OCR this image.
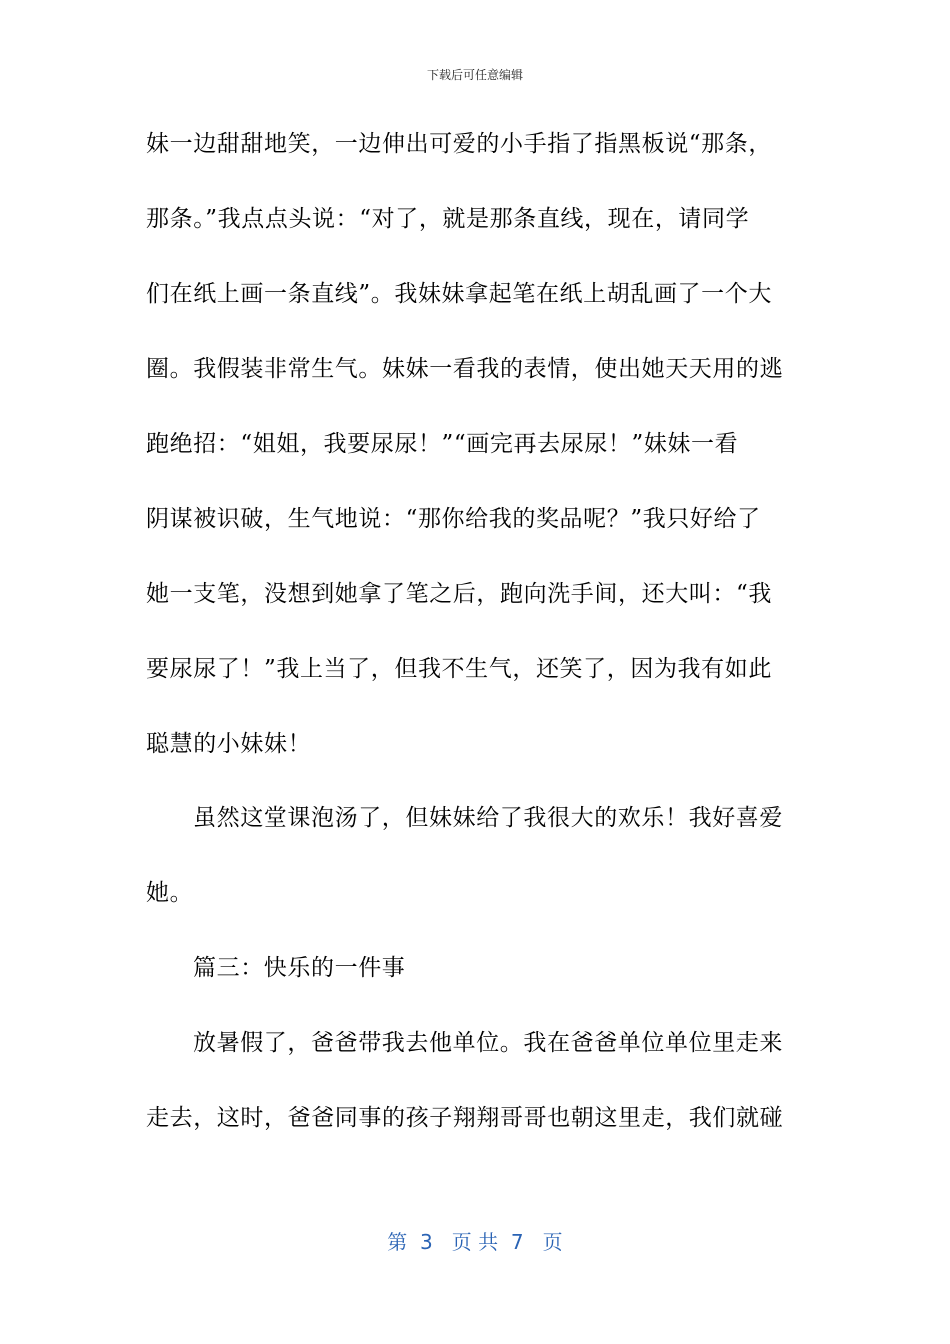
下载后可任意编辑
妹一边甜甜地笑，一边伸出可爱的小手指了指黑板说“那条，
那条。”我点点头说：“对了，就是那条直线，现在，请同学
们在纸上画一条直线”。我妹妹拿起笔在纸上胡乱画了一个大
圈。我假装非常生气。妹妹一看我的表情，使出她天天用的逃
跑绝招：“姐姐，我要尿尿！”“画完再去尿尿！”妹妹一看
阴谋被识破，生气地说：“那你给我的奖品呢？”我只好给了
她一支笔，没想到她拿了笔之后，跑向洗手间，还大叫：“我
要尿尿了！”我上当了，但我不生气，还笑了，因为我有如此
聪慧的小妹妹！
虽然这堂课泡汤了，但妹妹给了我很大的欢乐！我好喜爱
她。
篇三：快乐的一件事
放暑假了，爸爸带我去他单位。我在爸爸单位单位里走来
走去，这时，爸爸同事的孩子翔翔哥哥也朝这里走，我们就碰
第  3   页 共  7   页
